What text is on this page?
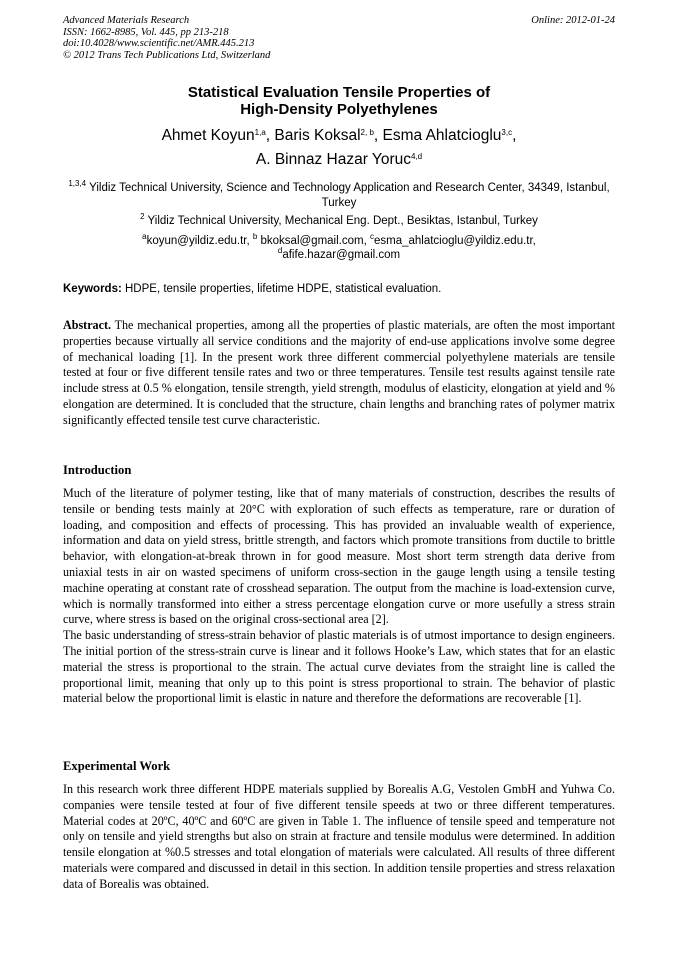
Advanced Materials Research
ISSN: 1662-8985, Vol. 445, pp 213-218
doi:10.4028/www.scientific.net/AMR.445.213
© 2012 Trans Tech Publications Ltd, Switzerland
Online: 2012-01-24
Statistical Evaluation Tensile Properties of
High-Density Polyethylenes
Ahmet Koyun$^{1,a}$, Baris Koksal$^{2, b}$, Esma Ahlatcioglu$^{3,c}$,
A. Binnaz Hazar Yoruc$^{4,d}$

$^{1,3,4}$ Yildiz Technical University, Science and Technology Application and Research Center, 34349, Istanbul, Turkey

$^2$ Yildiz Technical University, Mechanical Eng. Dept., Besiktas, Istanbul, Turkey

$^a$koyun@yildiz.edu.tr, $^b$ bkoksal@gmail.com, $^c$esma_ahlatcioglu@yildiz.edu.tr,
$^d$afife.hazar@gmail.com

Keywords: HDPE, tensile properties, lifetime HDPE, statistical evaluation.

Abstract. The mechanical properties, among all the properties of plastic materials, are often the most important properties because virtually all service conditions and the majority of end-use applications involve some degree of mechanical loading [1]. In the present work three different commercial polyethylene materials are tensile tested at four or five different tensile rates and two or three temperatures. Tensile test results against tensile rate include stress at 0.5 % elongation, tensile strength, yield strength, modulus of elasticity, elongation at yield and % elongation are determined. It is concluded that the structure, chain lengths and branching rates of polymer matrix significantly effected tensile test curve characteristic.

Introduction

Much of the literature of polymer testing, like that of many materials of construction, describes the results of tensile or bending tests mainly at 20°C with exploration of such effects as temperature, rare or duration of loading, and composition and effects of processing. This has provided an invaluable wealth of experience, information and data on yield stress, brittle strength, and factors which promote transitions from ductile to brittle behavior, with elongation-at-break thrown in for good measure. Most short term strength data derive from uniaxial tests in air on wasted specimens of uniform cross-section in the gauge length using a tensile testing machine operating at constant rate of crosshead separation. The output from the machine is load-extension curve, which is normally transformed into either a stress percentage elongation curve or more usefully a stress strain curve, where stress is based on the original cross-sectional area [2].

The basic understanding of stress-strain behavior of plastic materials is of utmost importance to design engineers. The initial portion of the stress-strain curve is linear and it follows Hooke’s Law, which states that for an elastic material the stress is proportional to the strain. The actual curve deviates from the straight line is called the proportional limit, meaning that only up to this point is stress proportional to strain. The behavior of plastic material below the proportional limit is elastic in nature and therefore the deformations are recoverable [1].

Experimental Work

In this research work three different HDPE materials supplied by Borealis A.G, Vestolen GmbH and Yuhwa Co. companies were tensile tested at four of five different tensile speeds at two or three different temperatures. Material codes at 20ºC, 40ºC and 60ºC are given in Table 1. The influence of tensile speed and temperature not only on tensile and yield strengths but also on strain at fracture and tensile modulus were determined. In addition tensile elongation at %0.5 stresses and total elongation of materials were calculated. All results of three different materials were compared and discussed in detail in this section. In addition tensile properties and stress relaxation data of Borealis was obtained.
